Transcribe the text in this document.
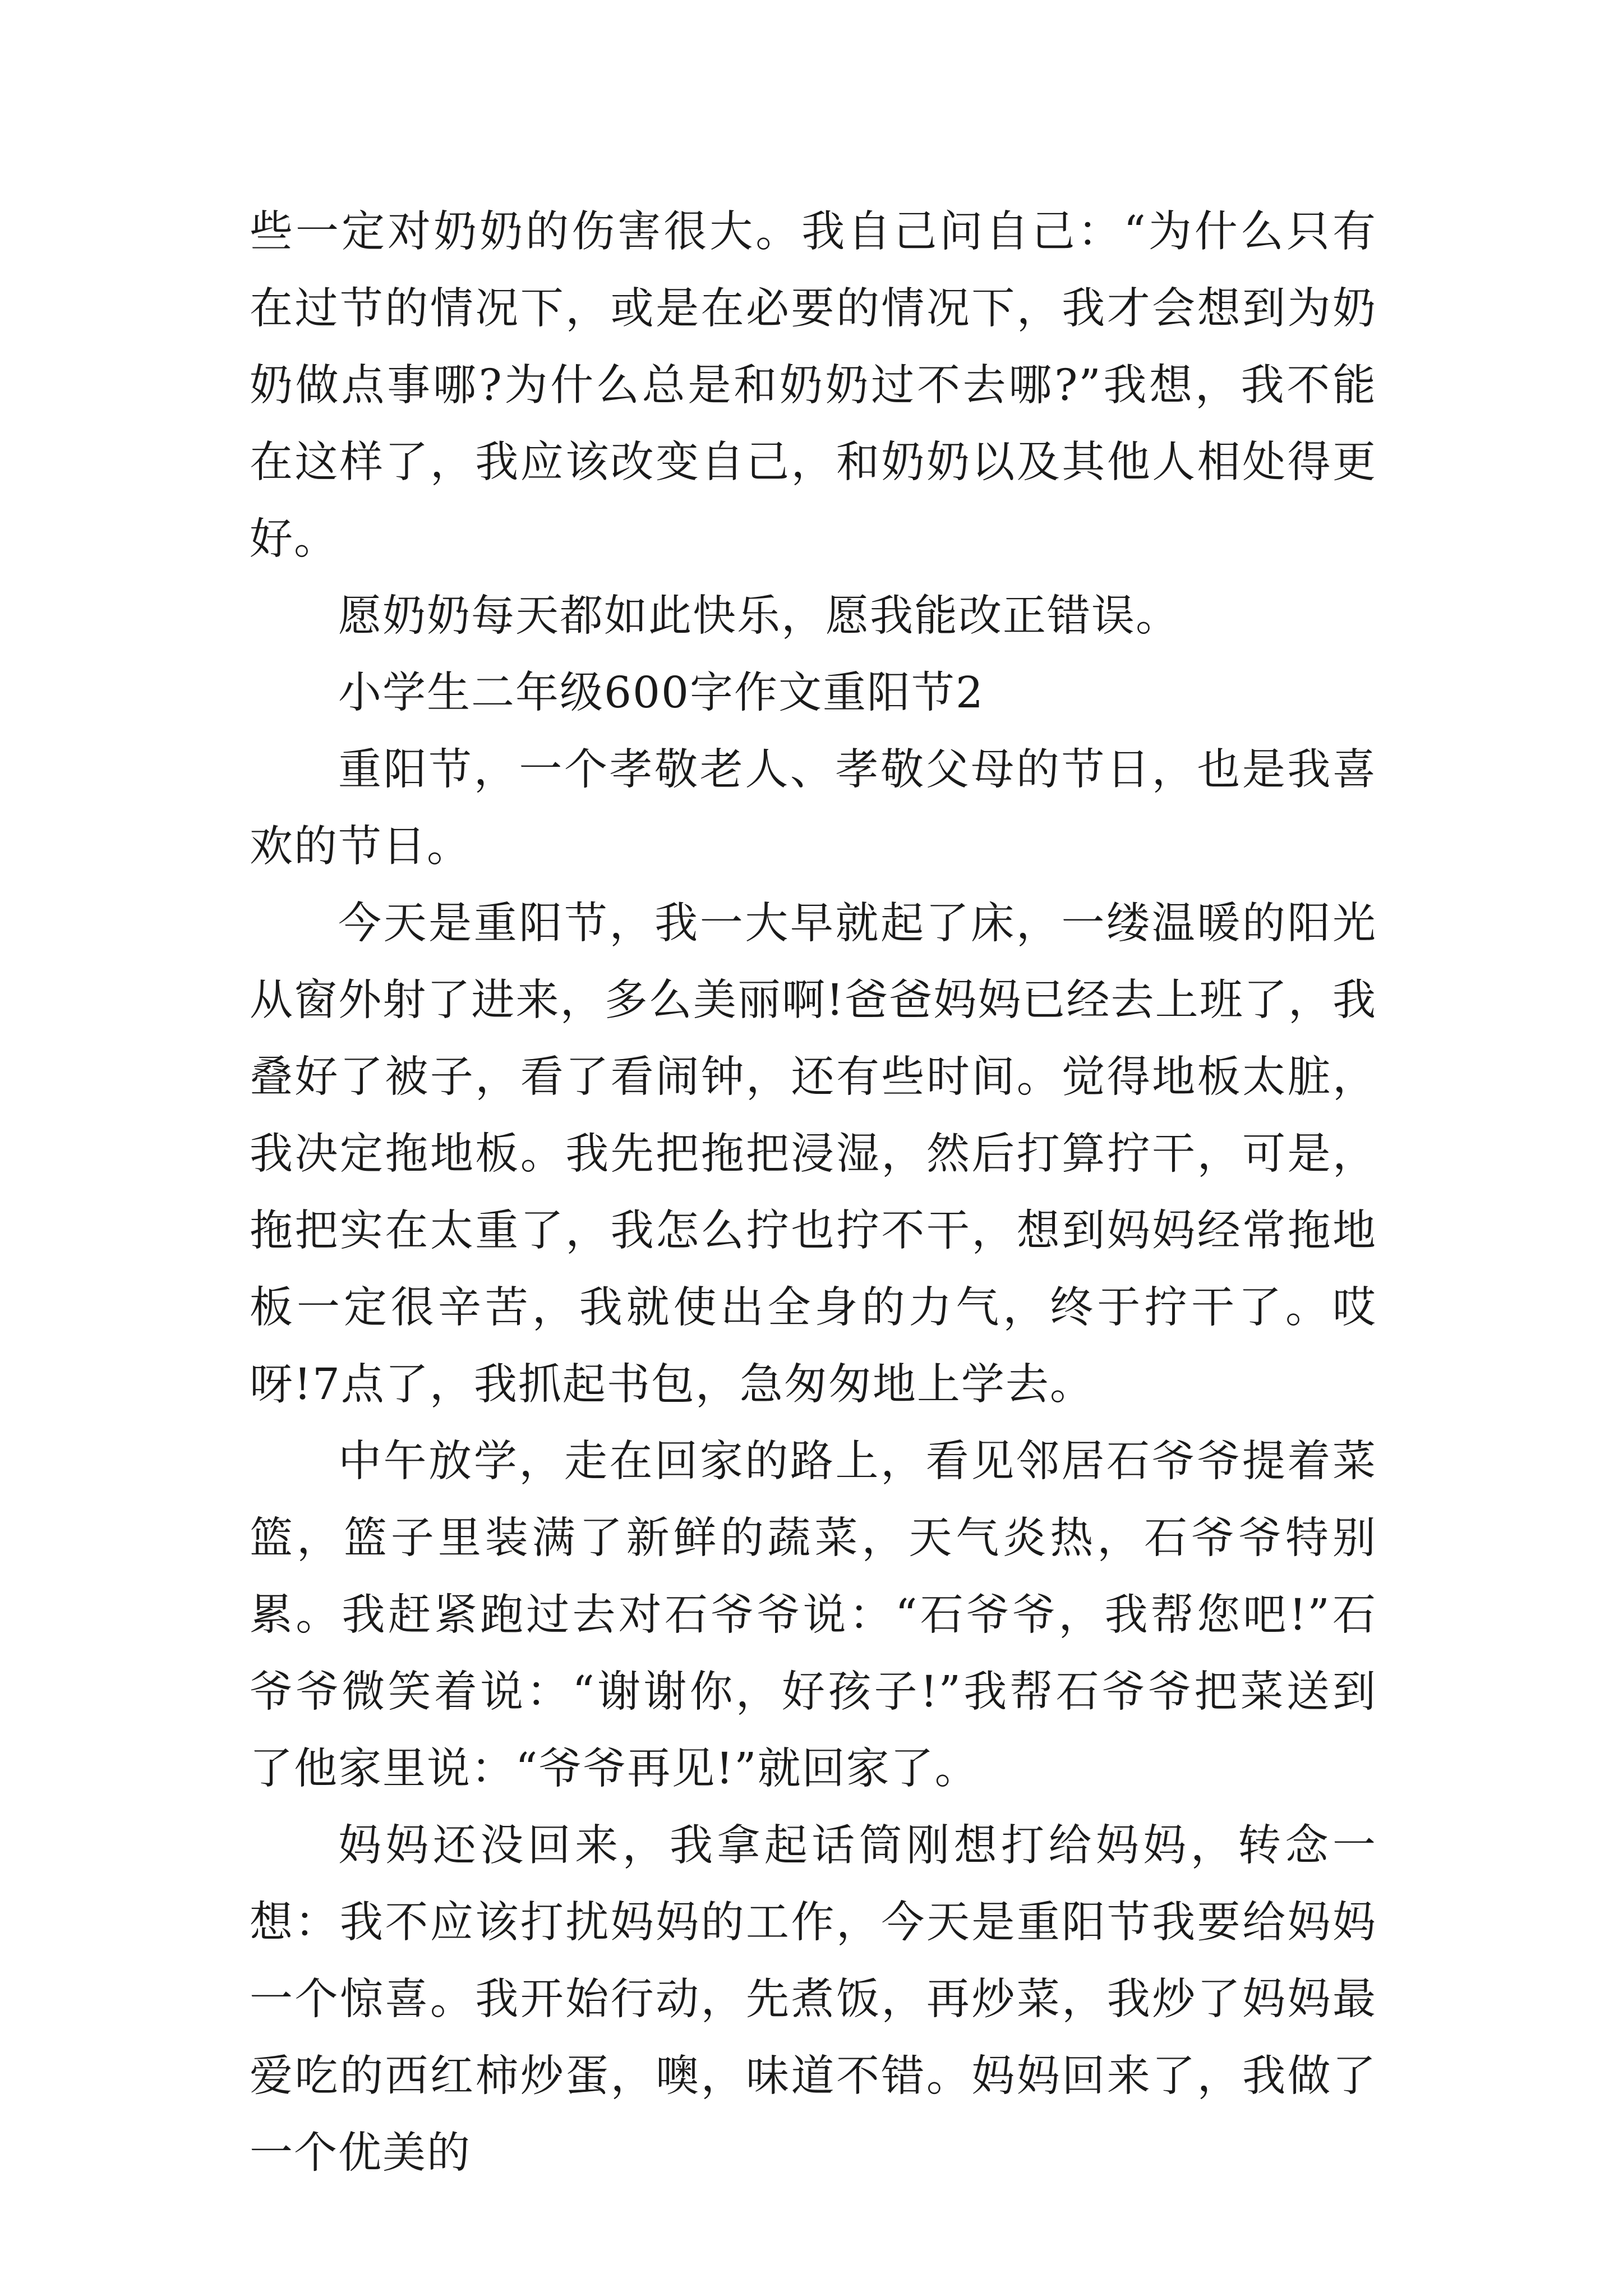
些一定对奶奶的伤害很大。我自己问自己：“为什么只有在过节的情况下，或是在必要的情况下，我才会想到为奶奶做点事哪?为什么总是和奶奶过不去哪?”我想，我不能在这样了，我应该改变自己，和奶奶以及其他人相处得更好。

愿奶奶每天都如此快乐，愿我能改正错误。

小学生二年级600字作文重阳节2

重阳节，一个孝敬老人、孝敬父母的节日，也是我喜欢的节日。

今天是重阳节，我一大早就起了床，一缕温暖的阳光从窗外射了进来，多么美丽啊!爸爸妈妈已经去上班了，我叠好了被子，看了看闹钟，还有些时间。觉得地板太脏，我决定拖地板。我先把拖把浸湿，然后打算拧干，可是，拖把实在太重了，我怎么拧也拧不干，想到妈妈经常拖地板一定很辛苦，我就使出全身的力气，终于拧干了。哎呀!7点了，我抓起书包，急匆匆地上学去。

中午放学，走在回家的路上，看见邻居石爷爷提着菜篮，篮子里装满了新鲜的蔬菜，天气炎热，石爷爷特别累。我赶紧跑过去对石爷爷说：“石爷爷，我帮您吧!”石爷爷微笑着说：“谢谢你，好孩子!”我帮石爷爷把菜送到了他家里说：“爷爷再见!”就回家了。

妈妈还没回来，我拿起话筒刚想打给妈妈，转念一想：我不应该打扰妈妈的工作，今天是重阳节我要给妈妈一个惊喜。我开始行动，先煮饭，再炒菜，我炒了妈妈最爱吃的西红柿炒蛋，噢，味道不错。妈妈回来了，我做了一个优美的
